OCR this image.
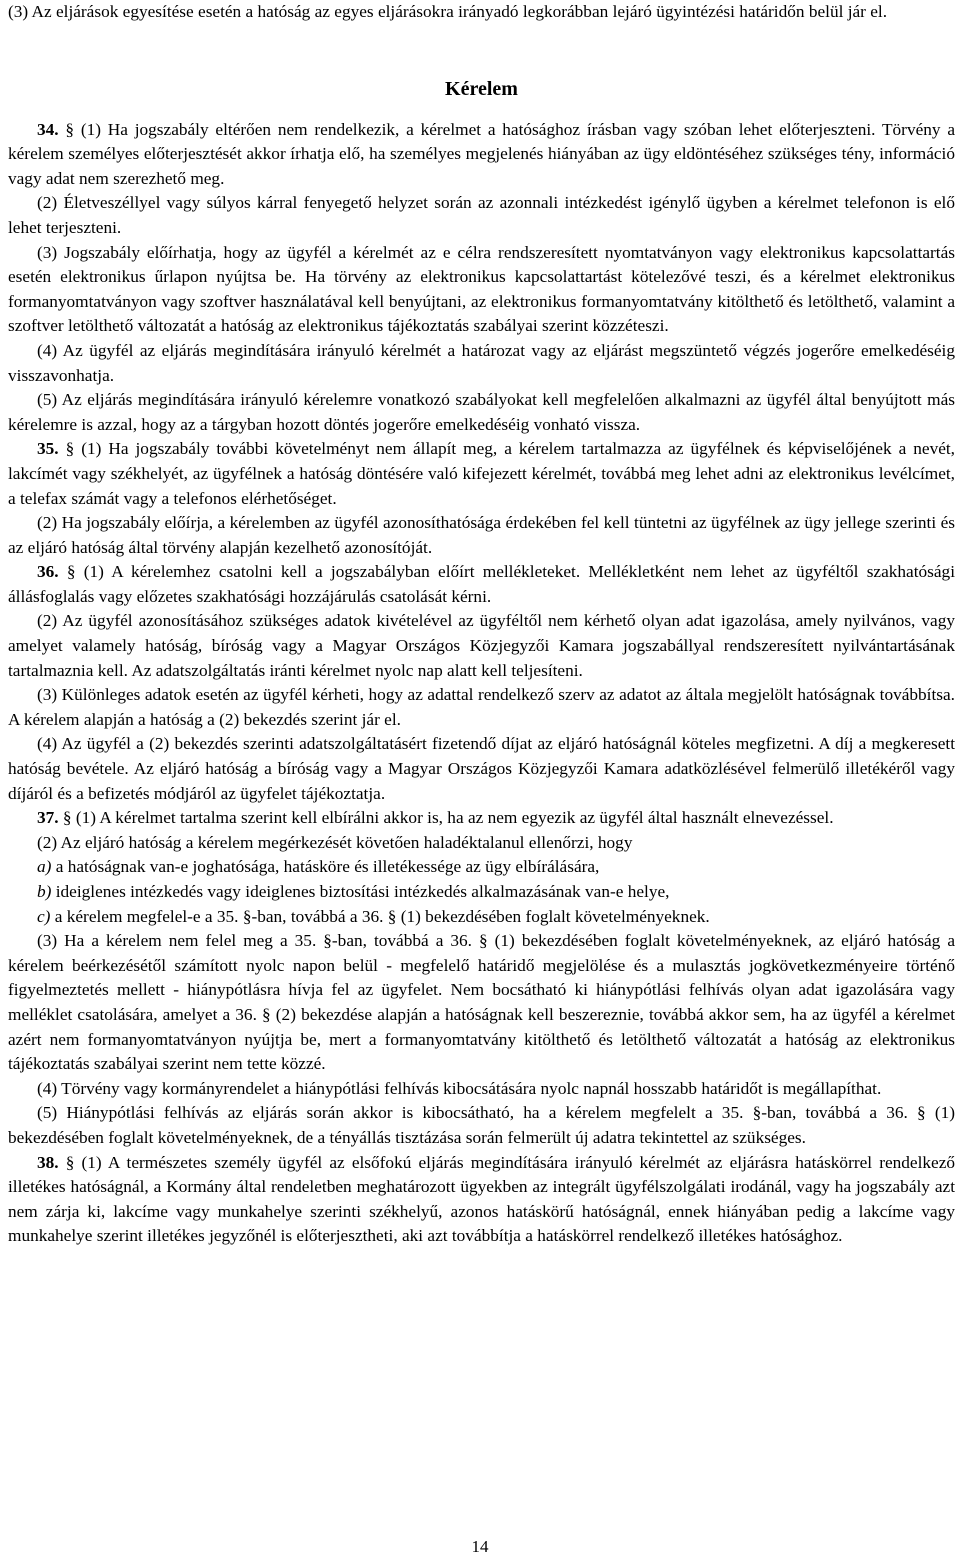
(3) Az eljárások egyesítése esetén a hatóság az egyes eljárásokra irányadó legkorábban lejáró ügyintézési határidőn belül jár el.

Kérelem

34. § (1) Ha jogszabály eltérően nem rendelkezik, a kérelmet a hatósághoz írásban vagy szóban lehet előterjeszteni. Törvény a kérelem személyes előterjesztését akkor írhatja elő, ha személyes megjelenés hiányában az ügy eldöntéséhez szükséges tény, információ vagy adat nem szerezhető meg.

(2) Életveszéllyel vagy súlyos kárral fenyegető helyzet során az azonnali intézkedést igénylő ügyben a kérelmet telefonon is elő lehet terjeszteni.

(3) Jogszabály előírhatja, hogy az ügyfél a kérelmét az e célra rendszeresített nyomtatványon vagy elektronikus kapcsolattartás esetén elektronikus űrlapon nyújtsa be. Ha törvény az elektronikus kapcsolattartást kötelezővé teszi, és a kérelmet elektronikus formanyomtatványon vagy szoftver használatával kell benyújtani, az elektronikus formanyomtatvány kitölthető és letölthető, valamint a szoftver letölthető változatát a hatóság az elektronikus tájékoztatás szabályai szerint közzéteszi.

(4) Az ügyfél az eljárás megindítására irányuló kérelmét a határozat vagy az eljárást megszüntető végzés jogerőre emelkedéséig visszavonhatja.

(5) Az eljárás megindítására irányuló kérelemre vonatkozó szabályokat kell megfelelően alkalmazni az ügyfél által benyújtott más kérelemre is azzal, hogy az a tárgyban hozott döntés jogerőre emelkedéséig vonható vissza.

35. § (1) Ha jogszabály további követelményt nem állapít meg, a kérelem tartalmazza az ügyfélnek és képviselőjének a nevét, lakcímét vagy székhelyét, az ügyfélnek a hatóság döntésére való kifejezett kérelmét, továbbá meg lehet adni az elektronikus levélcímet, a telefax számát vagy a telefonos elérhetőséget.

(2) Ha jogszabály előírja, a kérelemben az ügyfél azonosíthatósága érdekében fel kell tüntetni az ügyfélnek az ügy jellege szerinti és az eljáró hatóság által törvény alapján kezelhető azonosítóját.

36. § (1) A kérelemhez csatolni kell a jogszabályban előírt mellékleteket. Mellékletként nem lehet az ügyféltől szakhatósági állásfoglalás vagy előzetes szakhatósági hozzájárulás csatolását kérni.

(2) Az ügyfél azonosításához szükséges adatok kivételével az ügyféltől nem kérhető olyan adat igazolása, amely nyilvános, vagy amelyet valamely hatóság, bíróság vagy a Magyar Országos Közjegyzői Kamara jogszabállyal rendszeresített nyilvántartásának tartalmaznia kell. Az adatszolgáltatás iránti kérelmet nyolc nap alatt kell teljesíteni.

(3) Különleges adatok esetén az ügyfél kérheti, hogy az adattal rendelkező szerv az adatot az általa megjelölt hatóságnak továbbítsa. A kérelem alapján a hatóság a (2) bekezdés szerint jár el.

(4) Az ügyfél a (2) bekezdés szerinti adatszolgáltatásért fizetendő díjat az eljáró hatóságnál köteles megfizetni. A díj a megkeresett hatóság bevétele. Az eljáró hatóság a bíróság vagy a Magyar Országos Közjegyzői Kamara adatközlésével felmerülő illetékéről vagy díjáról és a befizetés módjáról az ügyfelet tájékoztatja.

37. § (1) A kérelmet tartalma szerint kell elbírálni akkor is, ha az nem egyezik az ügyfél által használt elnevezéssel.

(2) Az eljáró hatóság a kérelem megérkezését követően haladéktalanul ellenőrzi, hogy

a) a hatóságnak van-e joghatósága, hatásköre és illetékessége az ügy elbírálására,

b) ideiglenes intézkedés vagy ideiglenes biztosítási intézkedés alkalmazásának van-e helye,

c) a kérelem megfelel-e a 35. §-ban, továbbá a 36. § (1) bekezdésében foglalt követelményeknek.

(3) Ha a kérelem nem felel meg a 35. §-ban, továbbá a 36. § (1) bekezdésében foglalt követelményeknek, az eljáró hatóság a kérelem beérkezésétől számított nyolc napon belül - megfelelő határidő megjelölése és a mulasztás jogkövetkezményeire történő figyelmeztetés mellett - hiánypótlásra hívja fel az ügyfelet. Nem bocsátható ki hiánypótlási felhívás olyan adat igazolására vagy melléklet csatolására, amelyet a 36. § (2) bekezdése alapján a hatóságnak kell beszereznie, továbbá akkor sem, ha az ügyfél a kérelmet azért nem formanyomtatványon nyújtja be, mert a formanyomtatvány kitölthető és letölthető változatát a hatóság az elektronikus tájékoztatás szabályai szerint nem tette közzé.

(4) Törvény vagy kormányrendelet a hiánypótlási felhívás kibocsátására nyolc napnál hosszabb határidőt is megállapíthat.

(5) Hiánypótlási felhívás az eljárás során akkor is kibocsátható, ha a kérelem megfelelt a 35. §-ban, továbbá a 36. § (1) bekezdésében foglalt követelményeknek, de a tényállás tisztázása során felmerült új adatra tekintettel az szükséges.

38. § (1) A természetes személy ügyfél az elsőfokú eljárás megindítására irányuló kérelmét az eljárásra hatáskörrel rendelkező illetékes hatóságnál, a Kormány által rendeletben meghatározott ügyekben az integrált ügyfélszolgálati irodánál, vagy ha jogszabály azt nem zárja ki, lakcíme vagy munkahelye szerinti székhelyű, azonos hatáskörű hatóságnál, ennek hiányában pedig a lakcíme vagy munkahelye szerint illetékes jegyzőnél is előterjesztheti, aki azt továbbítja a hatáskörrel rendelkező illetékes hatósághoz.

14
